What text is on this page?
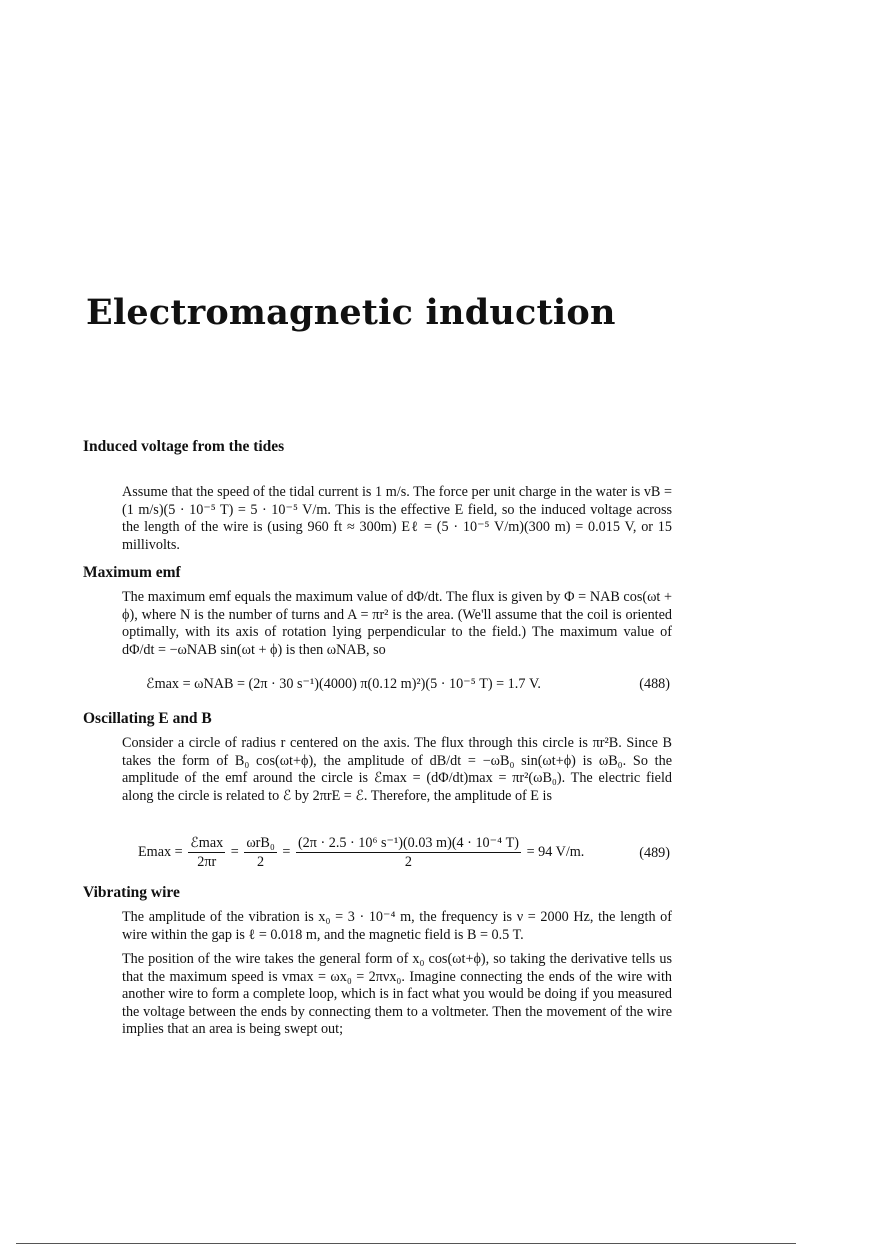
Electromagnetic induction
Induced voltage from the tides

Assume that the speed of the tidal current is 1 m/s. The force per unit charge in the water is vB = (1 m/s)(5 · 10⁻⁵ T) = 5 · 10⁻⁵ V/m. This is the effective E field, so the induced voltage across the length of the wire is (using 960 ft ≈ 300m) Eℓ = (5 · 10⁻⁵ V/m)(300 m) = 0.015 V, or 15 millivolts.

Maximum emf

The maximum emf equals the maximum value of dΦ/dt. The flux is given by Φ = NAB cos(ωt + ϕ), where N is the number of turns and A = πr² is the area. (We'll assume that the coil is oriented optimally, with its axis of rotation lying perpendicular to the field.) The maximum value of dΦ/dt = −ωNAB sin(ωt + ϕ) is then ωNAB, so

ℰmax = ωNAB = (2π · 30 s⁻¹)(4000) π(0.12 m)²)(5 · 10⁻⁵ T) = 1.7 V.	(488)
Oscillating E and B

Consider a circle of radius r centered on the axis. The flux through this circle is πr²B. Since B takes the form of B₀ cos(ωt+ϕ), the amplitude of dB/dt = −ωB₀ sin(ωt+ϕ) is ωB₀. So the amplitude of the emf around the circle is ℰmax = (dΦ/dt)max = πr²(ωB₀). The electric field along the circle is related to ℰ by 2πrE = ℰ. Therefore, the amplitude of E is

$Emax = \frac{\text{ℰmax}}{2\pi r} = \frac{\text{ωrB₀}}{2} = \frac{\text{(2π · 2.5 · 10⁶ s⁻¹)(0.03 m)(4 · 10⁻⁴ T)}}{2} = 94$ V/m.	(489)
Vibrating wire

The amplitude of the vibration is x₀ = 3 · 10⁻⁴ m, the frequency is ν = 2000 Hz, the length of wire within the gap is ℓ = 0.018 m, and the magnetic field is B = 0.5 T.

The position of the wire takes the general form of x₀ cos(ωt+ϕ), so taking the derivative tells us that the maximum speed is vmax = ωx₀ = 2πνx₀. Imagine connecting the ends of the wire with another wire to form a complete loop, which is in fact what you would be doing if you measured the voltage between the ends by connecting them to a voltmeter. Then the movement of the wire implies that an area is being swept out;
